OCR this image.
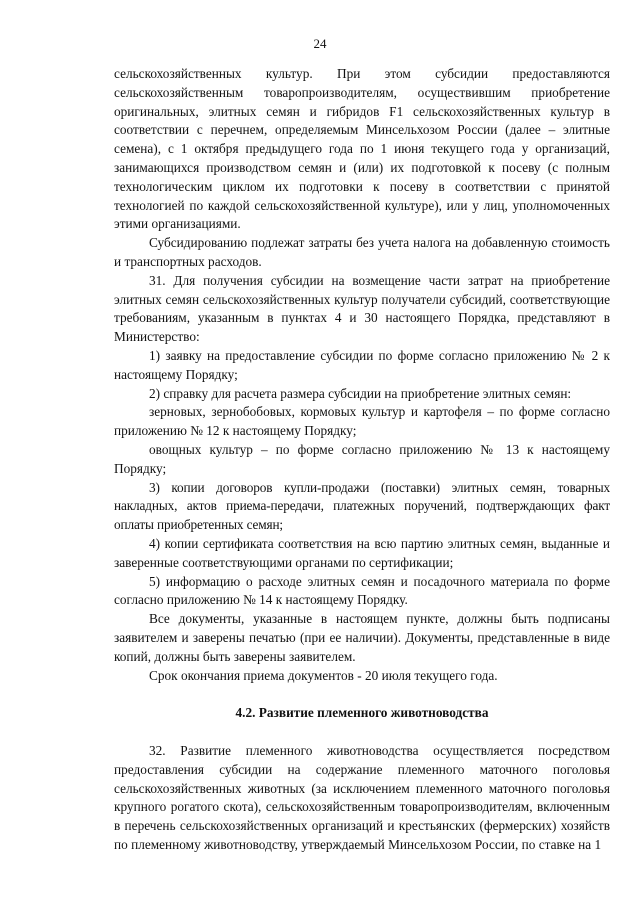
24

сельскохозяйственных культур. При этом субсидии предоставляются сельскохозяйственным товаропроизводителям, осуществившим приобретение оригинальных, элитных семян и гибридов F1 сельскохозяйственных культур в соответствии с перечнем, определяемым Минсельхозом России (далее – элитные семена), с 1 октября предыдущего года по 1 июня текущего года у организаций, занимающихся производством семян и (или) их подготовкой к посеву (с полным технологическим циклом их подготовки к посеву в соответствии с принятой технологией по каждой сельскохозяйственной культуре), или у лиц, уполномоченных этими организациями.

Субсидированию подлежат затраты без учета налога на добавленную стоимость и транспортных расходов.

31. Для получения субсидии на возмещение части затрат на приобретение элитных семян сельскохозяйственных культур получатели субсидий, соответствующие требованиям, указанным в пунктах 4 и 30 настоящего Порядка, представляют в Министерство:

1) заявку на предоставление субсидии по форме согласно приложению № 2 к настоящему Порядку;

2) справку для расчета размера субсидии на приобретение элитных семян:

зерновых, зернобобовых, кормовых культур и картофеля – по форме согласно приложению № 12 к настоящему Порядку;

овощных культур – по форме согласно приложению № 13 к настоящему Порядку;

3) копии договоров купли-продажи (поставки) элитных семян, товарных накладных, актов приема-передачи, платежных поручений, подтверждающих факт оплаты приобретенных семян;

4) копии сертификата соответствия на всю партию элитных семян, выданные и заверенные соответствующими органами по сертификации;

5) информацию о расходе элитных семян и посадочного материала по форме согласно приложению № 14 к настоящему Порядку.

Все документы, указанные в настоящем пункте, должны быть подписаны заявителем и заверены печатью (при ее наличии). Документы, представленные в виде копий, должны быть заверены заявителем.

Срок окончания приема документов - 20 июля текущего года.

4.2. Развитие племенного животноводства

32. Развитие племенного животноводства осуществляется посредством предоставления субсидии на содержание племенного маточного поголовья сельскохозяйственных животных (за исключением племенного маточного поголовья крупного рогатого скота), сельскохозяйственным товаропроизводителям, включенным в перечень сельскохозяйственных организаций и крестьянских (фермерских) хозяйств по племенному животноводству, утверждаемый Минсельхозом России, по ставке на 1
